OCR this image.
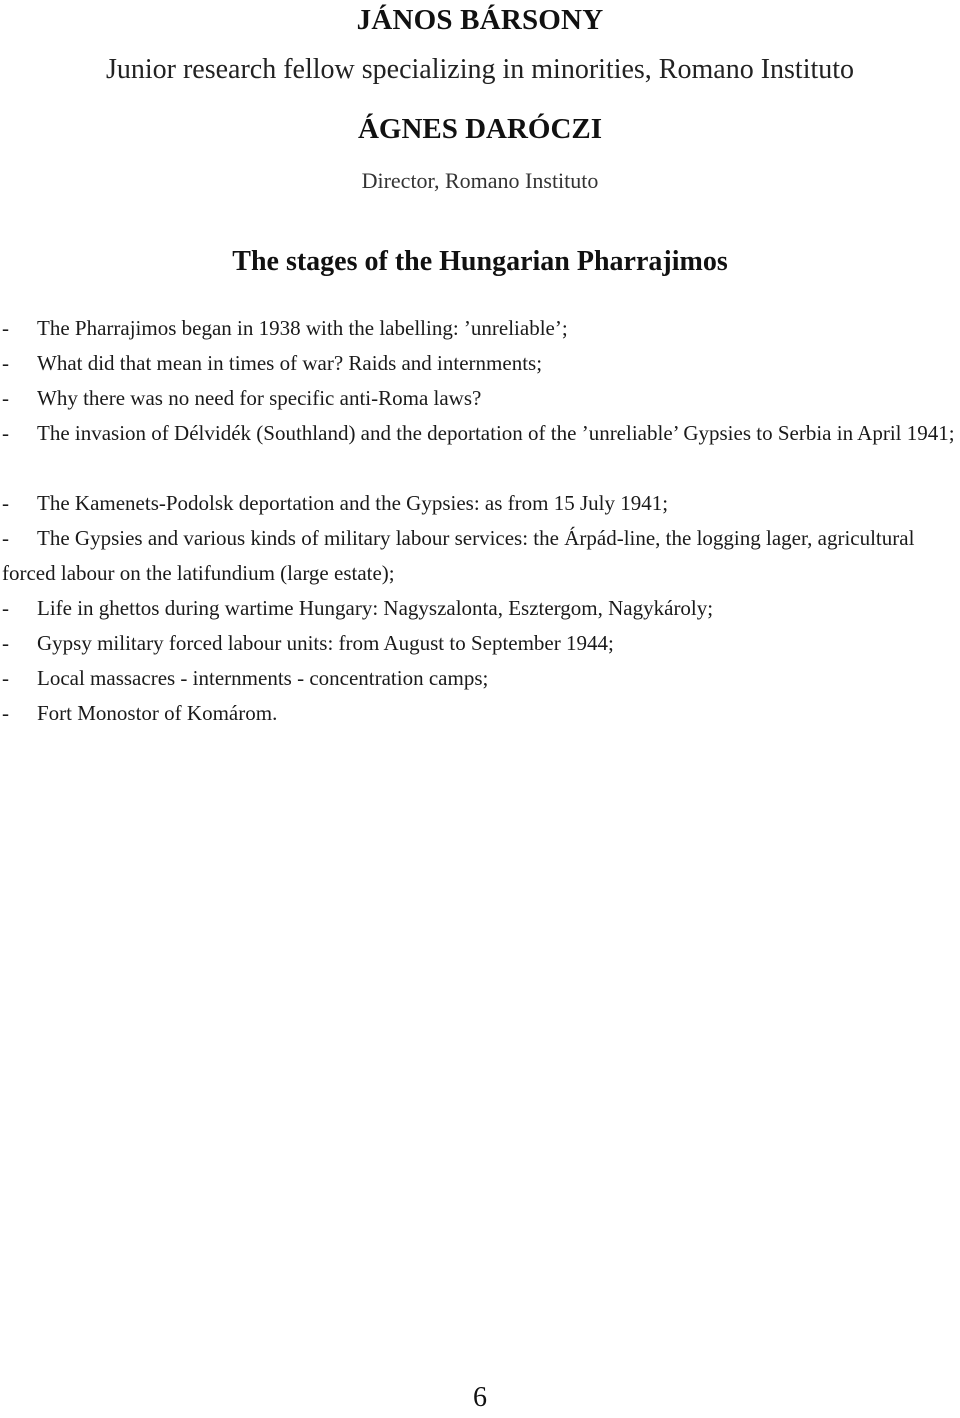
JÁNOS BÁRSONY
Junior research fellow specializing in minorities, Romano Instituto
ÁGNES DARÓCZI
Director, Romano Instituto
The stages of the Hungarian Pharrajimos
- The Pharrajimos began in 1938 with the labelling: ’unreliable’;
- What did that mean in times of war? Raids and internments;
- Why there was no need for specific anti-Roma laws?
- The invasion of Délvidék (Southland) and the deportation of the ’unreliable’ Gypsies to Serbia in April 1941;
- The Kamenets-Podolsk deportation and the Gypsies: as from 15 July 1941;
- The Gypsies and various kinds of military labour services: the Árpád-line, the logging lager, agricultural forced labour on the latifundium (large estate);
- Life in ghettos during wartime Hungary: Nagyszalonta, Esztergom, Nagykároly;
- Gypsy military forced labour units: from August to September 1944;
- Local massacres - internments - concentration camps;
- Fort Monostor of Komárom.
6
